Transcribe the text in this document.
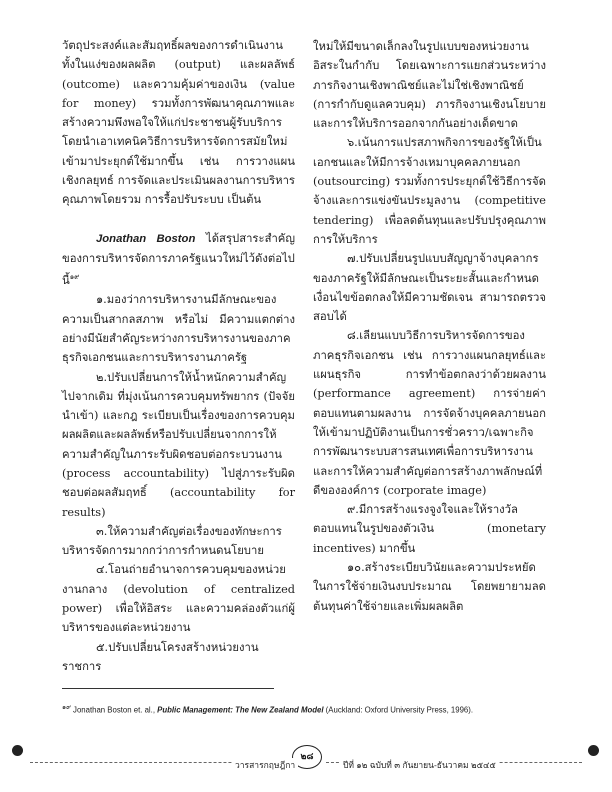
วัตถุประสงค์และสัมฤทธิ์ผลของการดำเนินงานทั้งในแง่ของผลผลิต (output) และผลลัพธ์ (outcome) และความคุ้มค่าของเงิน (value for money) รวมทั้งการพัฒนาคุณภาพและสร้างความพึงพอใจให้แก่ประชาชนผู้รับบริการ โดยนำเอาเทคนิควิธีการบริหารจัดการสมัยใหม่เข้ามาประยุกต์ใช้มากขึ้น เช่น การวางแผนเชิงกลยุทธ์ การจัดและประเมินผลงานการบริหารคุณภาพโดยรวม การรื้อปรับระบบ เป็นต้น

Jonathan Boston ได้สรุปสาระสำคัญของการบริหารจัดการภาครัฐแนวใหม่ไว้ดังต่อไปนี้$^{๑๙}$

๑.มองว่าการบริหารงานมีลักษณะของความเป็นสากลสภาพ หรือไม่ มีความแตกต่างอย่างมีนัยสำคัญระหว่างการบริหารงานของภาคธุรกิจเอกชนและการบริหารงานภาครัฐ

๒.ปรับเปลี่ยนการให้น้ำหนักความสำคัญไปจากเดิม ที่มุ่งเน้นการควบคุมทรัพยากร (ปัจจัยนำเข้า) และกฎ ระเบียบเป็นเรื่องของการควบคุมผลผลิตและผลลัพธ์หรือปรับเปลี่ยนจากการให้ความสำคัญในภาระรับผิดชอบต่อกระบวนงาน (process accountability) ไปสู่ภาระรับผิดชอบต่อผลสัมฤทธิ์ (accountability for results)

๓.ให้ความสำคัญต่อเรื่องของทักษะการบริหารจัดการมากกว่าการกำหนดนโยบาย

๔.โอนถ่ายอำนาจการควบคุมของหน่วยงานกลาง (devolution of centralized power) เพื่อให้อิสระ และความคล่องตัวแก่ผู้บริหารของแต่ละหน่วยงาน

๕.ปรับเปลี่ยนโครงสร้างหน่วยงานราชการ

ใหม่ให้มีขนาดเล็กลงในรูปแบบของหน่วยงานอิสระในกำกับ โดยเฉพาะการแยกส่วนระหว่างภารกิจงานเชิงพาณิชย์และไม่ใช่เชิงพาณิชย์ (การกำกับดูแลควบคุม) ภารกิจงานเชิงนโยบายและการให้บริการออกจากกันอย่างเด็ดขาด

๖.เน้นการแปรสภาพกิจการของรัฐให้เป็นเอกชนและให้มีการจ้างเหมาบุคคลภายนอก (outsourcing) รวมทั้งการประยุกต์ใช้วิธีการจัดจ้างและการแข่งขันประมูลงาน (competitive tendering) เพื่อลดต้นทุนและปรับปรุงคุณภาพการให้บริการ

๗.ปรับเปลี่ยนรูปแบบสัญญาจ้างบุคลากรของภาครัฐให้มีลักษณะเป็นระยะสั้นและกำหนดเงื่อนไขข้อตกลงให้มีความชัดเจน สามารถตรวจสอบได้

๘.เลียนแบบวิธีการบริหารจัดการของภาคธุรกิจเอกชน เช่น การวางแผนกลยุทธ์และแผนธุรกิจ การทำข้อตกลงว่าด้วยผลงาน (performance agreement) การจ่ายค่าตอบแทนตามผลงาน การจัดจ้างบุคคลภายนอกให้เข้ามาปฏิบัติงานเป็นการชั่วคราว/เฉพาะกิจ การพัฒนาระบบสารสนเทศเพื่อการบริหารงาน และการให้ความสำคัญต่อการสร้างภาพลักษณ์ที่ดีขององค์การ (corporate image)

๙.มีการสร้างแรงจูงใจและให้รางวัลตอบแทนในรูปของตัวเงิน (monetary incentives) มากขึ้น

๑๐.สร้างระเบียบวินัยและความประหยัดในการใช้จ่ายเงินงบประมาณ โดยพยายามลดต้นทุนค่าใช้จ่ายและเพิ่มผลผลิต

$^{๑๙}$ Jonathan Boston et. al., Public Management: The New Zealand Model (Auckland: Oxford University Press, 1996).
๒๘
วารสารกฤษฎีกา	ปีที่ ๑๒ ฉบับที่ ๓ กันยายน-ธันวาคม ๒๕๔๕
